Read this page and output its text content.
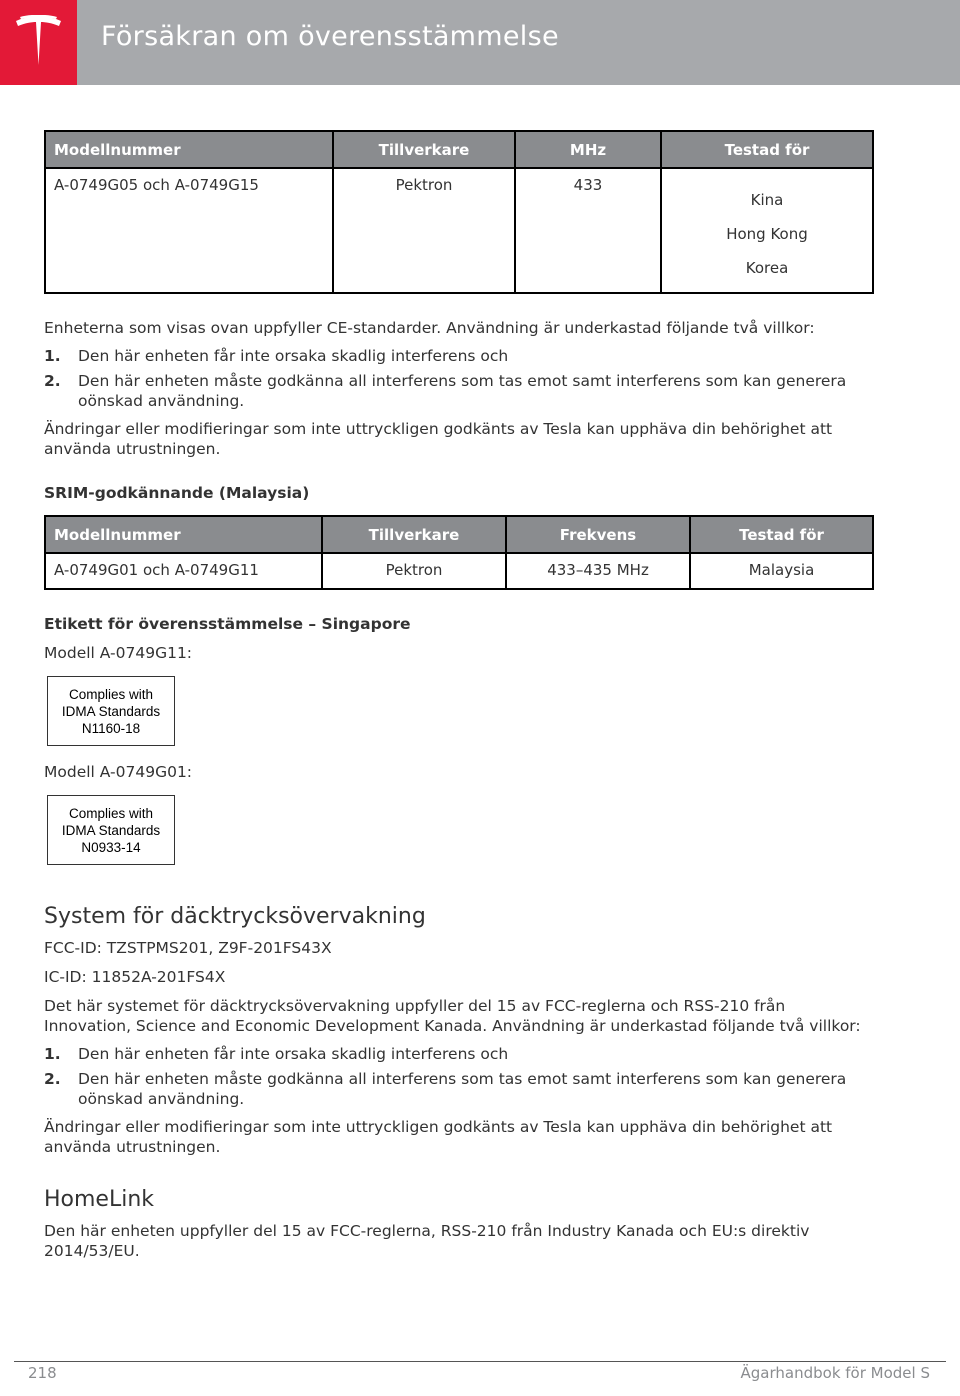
Försäkran om överensstämmelse
Modellnummer	Tillverkare	MHz	Testad för
A-0749G05 och A-0749G15	Pektron	433	Kina
Hong Kong
Korea

Enheterna som visas ovan uppfyller CE-standarder. Användning är underkastad följande två villkor:

1. Den här enheten får inte orsaka skadlig interferens och
2. Den här enheten måste godkänna all interferens som tas emot samt interferens som kan generera oönskad användning.

Ändringar eller modifieringar som inte uttryckligen godkänts av Tesla kan upphäva din behörighet att använda utrustningen.

SRIM-godkännande (Malaysia)

Modellnummer	Tillverkare	Frekvens	Testad för
A-0749G01 och A-0749G11	Pektron	433–435 MHz	Malaysia

Etikett för överensstämmelse – Singapore

Modell A-0749G11:

Complies with
IDMA Standards
N1160-18

Modell A-0749G01:

Complies with
IDMA Standards
N0933-14
System för däcktrycksövervakning

FCC-ID: TZSTPMS201, Z9F-201FS43X

IC-ID: 11852A-201FS4X

Det här systemet för däcktrycksövervakning uppfyller del 15 av FCC-reglerna och RSS-210 från Innovation, Science and Economic Development Kanada. Användning är underkastad följande två villkor:

1. Den här enheten får inte orsaka skadlig interferens och
2. Den här enheten måste godkänna all interferens som tas emot samt interferens som kan generera oönskad användning.

Ändringar eller modifieringar som inte uttryckligen godkänts av Tesla kan upphäva din behörighet att använda utrustningen.

HomeLink

Den här enheten uppfyller del 15 av FCC-reglerna, RSS-210 från Industry Kanada och EU:s direktiv 2014/53/EU.

218	Ägarhandbok för Model S
